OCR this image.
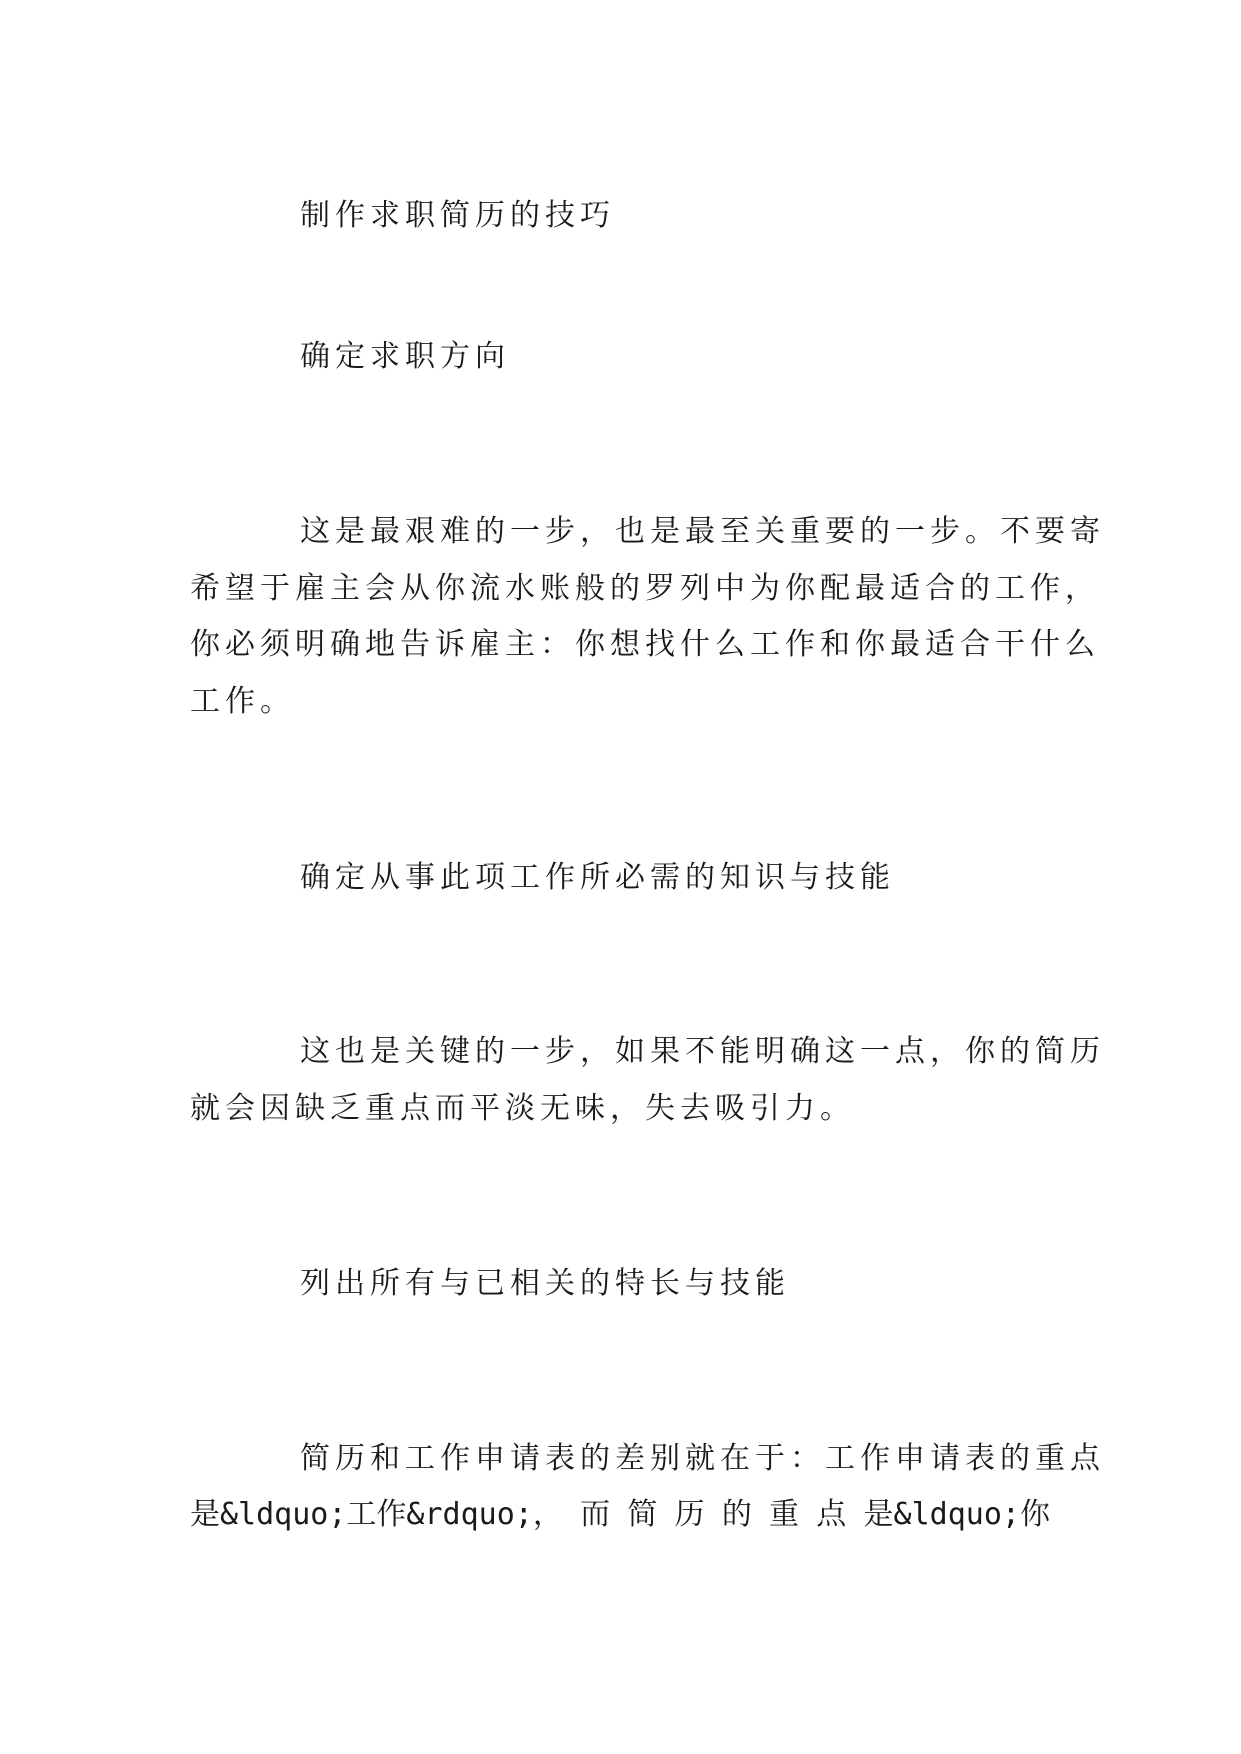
制作求职简历的技巧
确定求职方向
这是最艰难的一步，也是最至关重要的一步。不要寄
希望于雇主会从你流水账般的罗列中为你配最适合的工作，
你必须明确地告诉雇主：你想找什么工作和你最适合干什么
工作。
确定从事此项工作所必需的知识与技能
这也是关键的一步，如果不能明确这一点，你的简历
就会因缺乏重点而平淡无味，失去吸引力。
列出所有与已相关的特长与技能
简历和工作申请表的差别就在于：工作申请表的重点
是&ldquo;工作&rdquo;， 而 简 历 的 重 点 是&ldquo;你
